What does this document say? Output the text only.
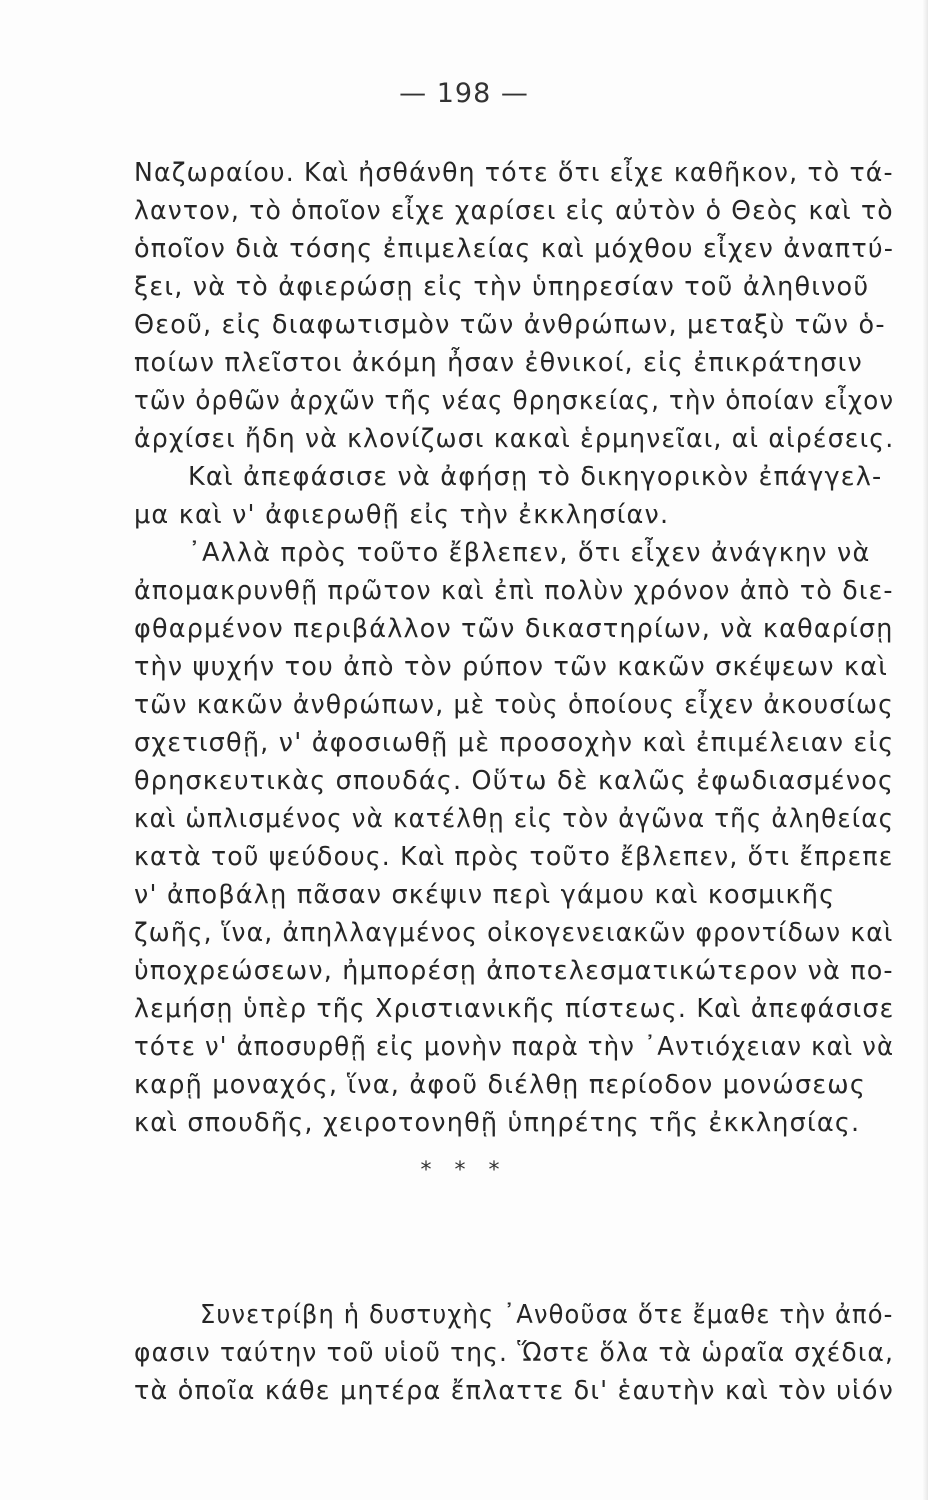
— 198 —
Ναζωραίου. Καὶ ἠσθάνθη τότε ὅτι εἶχε καθῆκον, τὸ τά-
λαντον, τὸ ὁποῖον εἶχε χαρίσει εἰς αὐτὸν ὁ Θεὸς καὶ τὸ
ὁποῖον διὰ τόσης ἐπιμελείας καὶ μόχθου εἶχεν ἀναπτύ-
ξει, νὰ τὸ ἀφιερώσῃ εἰς τὴν ὑπηρεσίαν τοῦ ἀληθινοῦ
Θεοῦ, εἰς διαφωτισμὸν τῶν ἀνθρώπων, μεταξὺ τῶν ὁ-
ποίων πλεῖστοι ἀκόμη ἦσαν ἐθνικοί, εἰς ἐπικράτησιν
τῶν ὀρθῶν ἀρχῶν τῆς νέας θρησκείας, τὴν ὁποίαν εἶχον
ἀρχίσει ἤδη νὰ κλονίζωσι κακαὶ ἑρμηνεῖαι, αἱ αἱρέσεις.
Καὶ ἀπεφάσισε νὰ ἀφήσῃ τὸ δικηγορικὸν ἐπάγγελ-
μα καὶ ν' ἀφιερωθῇ εἰς τὴν ἐκκλησίαν.
᾿Αλλὰ πρὸς τοῦτο ἔβλεπεν, ὅτι εἶχεν ἀνάγκην νὰ
ἀπομακρυνθῇ πρῶτον καὶ ἐπὶ πολὺν χρόνον ἀπὸ τὸ διε-
φθαρμένον περιβάλλον τῶν δικαστηρίων, νὰ καθαρίσῃ
τὴν ψυχήν του ἀπὸ τὸν ρύπον τῶν κακῶν σκέψεων καὶ
τῶν κακῶν ἀνθρώπων, μὲ τοὺς ὁποίους εἶχεν ἀκουσίως
σχετισθῇ, ν' ἀφοσιωθῇ μὲ προσοχὴν καὶ ἐπιμέλειαν εἰς
θρησκευτικὰς σπουδάς. Οὕτω δὲ καλῶς ἐφωδιασμένος
καὶ ὡπλισμένος νὰ κατέλθῃ εἰς τὸν ἀγῶνα τῆς ἀληθείας
κατὰ τοῦ ψεύδους. Καὶ πρὸς τοῦτο ἔβλεπεν, ὅτι ἔπρεπε
ν' ἀποβάλῃ πᾶσαν σκέψιν περὶ γάμου καὶ κοσμικῆς
ζωῆς, ἵνα, ἀπηλλαγμένος οἰκογενειακῶν φροντίδων καὶ
ὑποχρεώσεων, ἠμπορέσῃ ἀποτελεσματικώτερον νὰ πο-
λεμήσῃ ὑπὲρ τῆς Χριστιανικῆς πίστεως. Καὶ ἀπεφάσισε
τότε ν' ἀποσυρθῇ εἰς μονὴν παρὰ τὴν ᾿Αντιόχειαν καὶ νὰ
καρῇ μοναχός, ἵνα, ἀφοῦ διέλθῃ περίοδον μονώσεως
καὶ σπουδῆς, χειροτονηθῇ ὑπηρέτης τῆς ἐκκλησίας.
* * *
Συνετρίβη ἡ δυστυχὴς ᾿Ανθοῦσα ὅτε ἔμαθε τὴν ἀπό-
φασιν ταύτην τοῦ υἱοῦ της. Ὥστε ὅλα τὰ ὡραῖα σχέδια,
τὰ ὁποῖα κάθε μητέρα ἔπλαττε δι' ἑαυτὴν καὶ τὸν υἱόν
